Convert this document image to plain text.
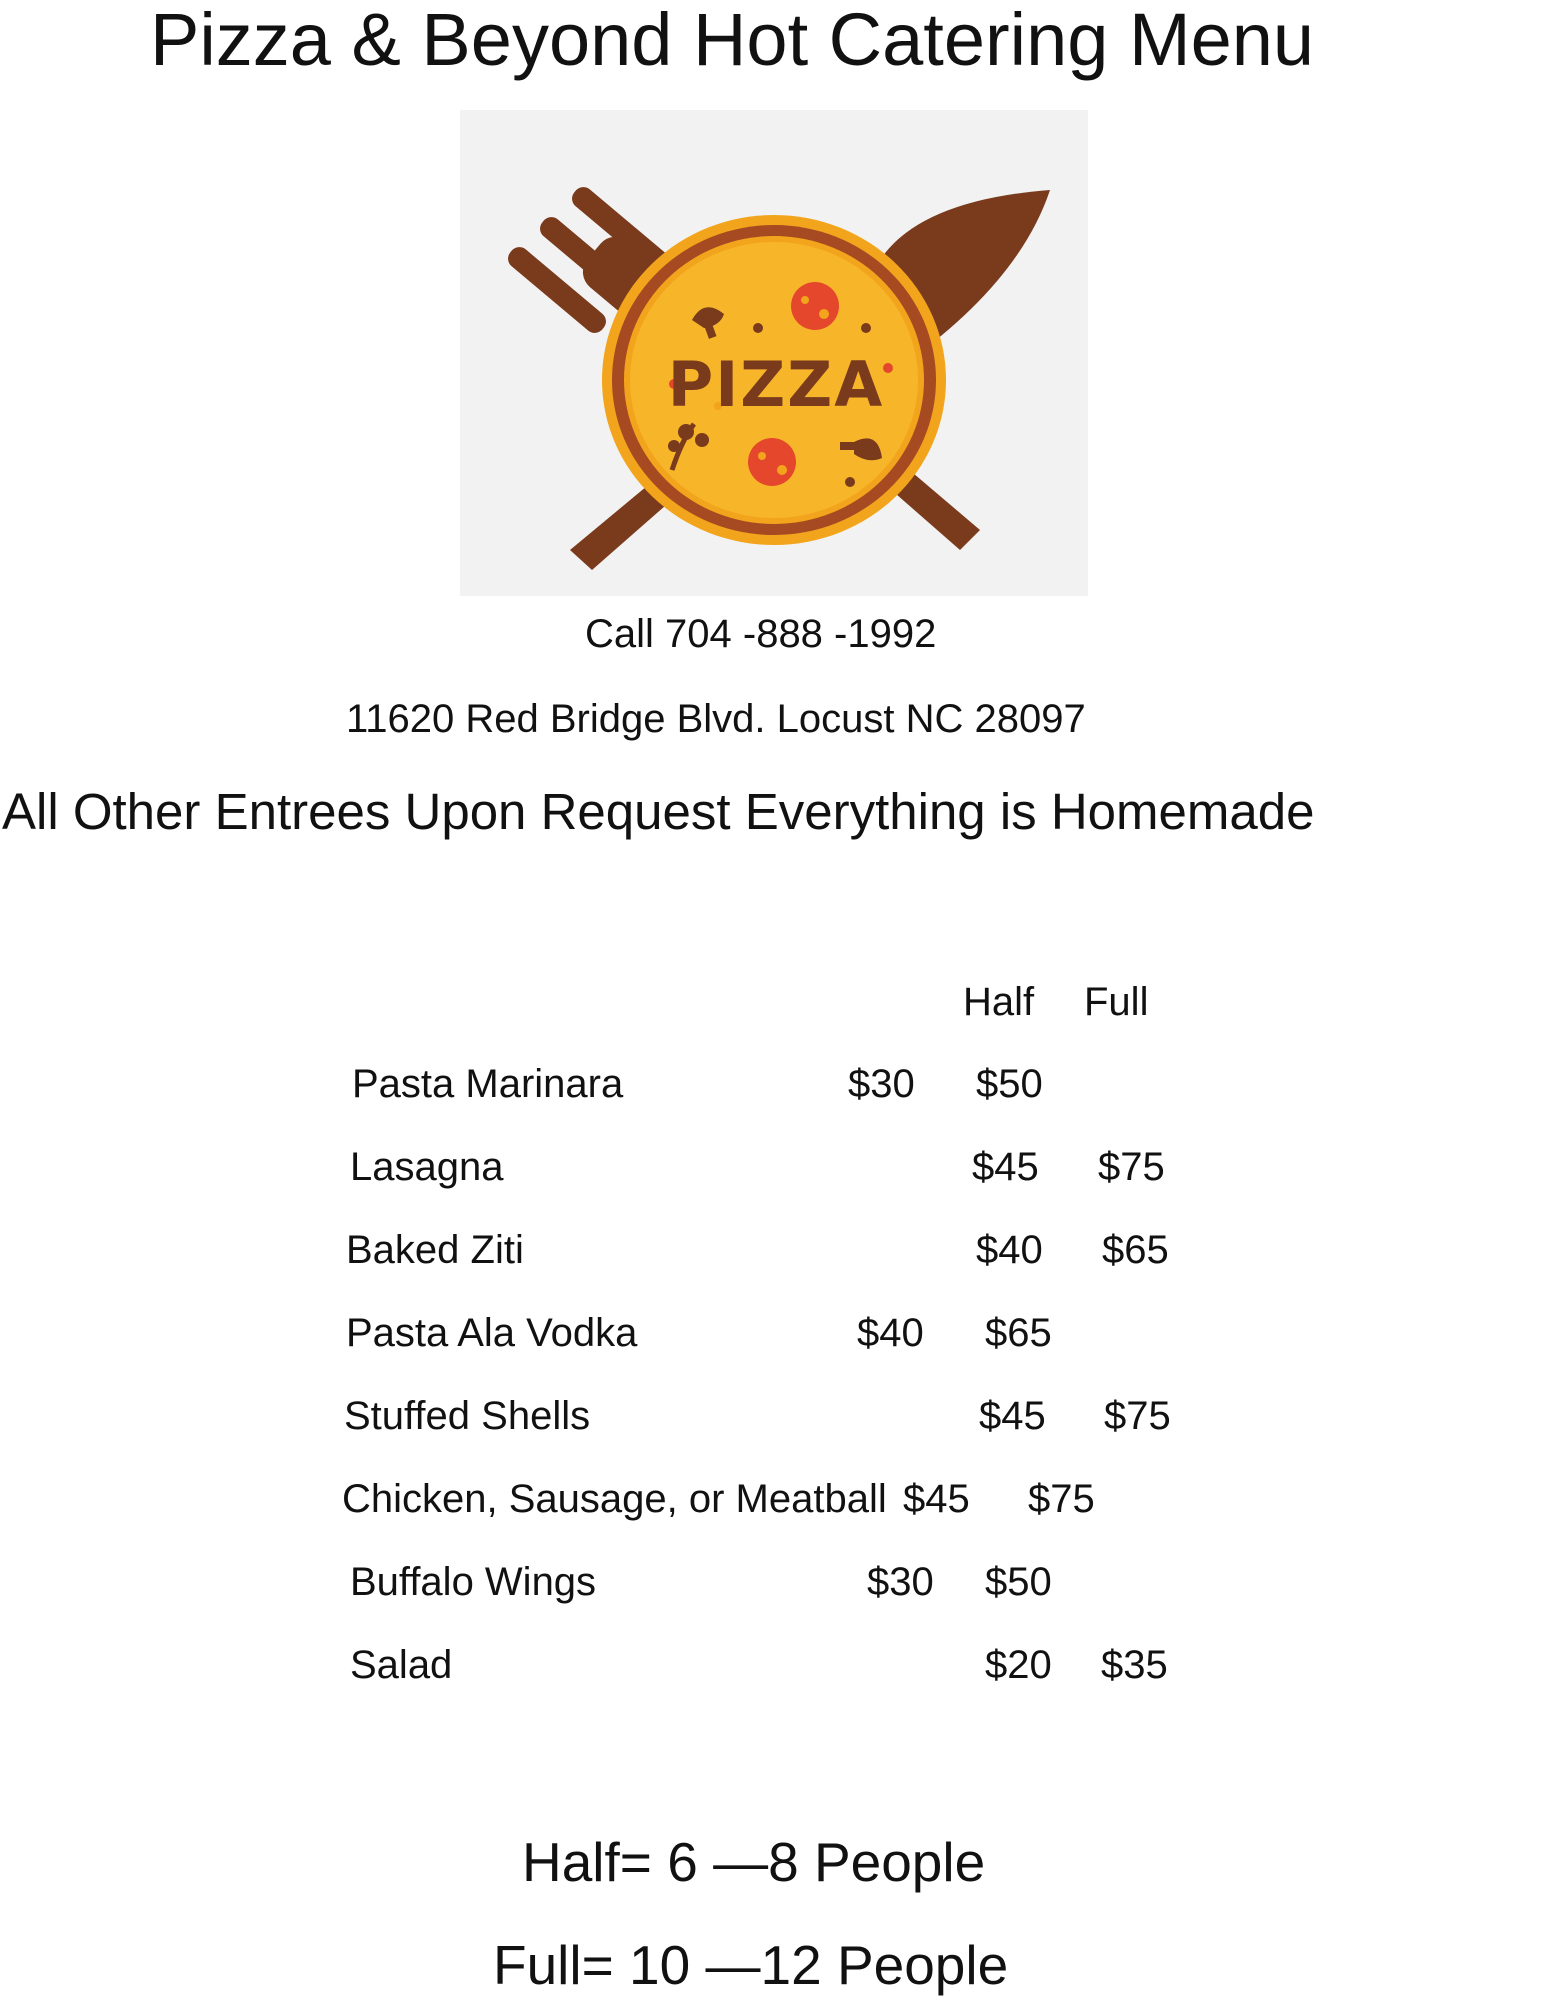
Pizza & Beyond Hot Catering Menu
PIZZA
Call 704 -888 -1992
11620 Red Bridge Blvd. Locust NC 28097
All Other Entrees Upon Request Everything is Homemade
Half Full
Pasta Marinara	$30 $50
Lasagna	$45 $75
Baked Ziti	$40 $65
Pasta Ala Vodka	$40 $65
Stuffed Shells	$45 $75
Chicken, Sausage, or Meatball $45 $75
Buffalo Wings	$30 $50
Salad	$20 $35
Half= 6 —8 People
Full= 10 —12 People
